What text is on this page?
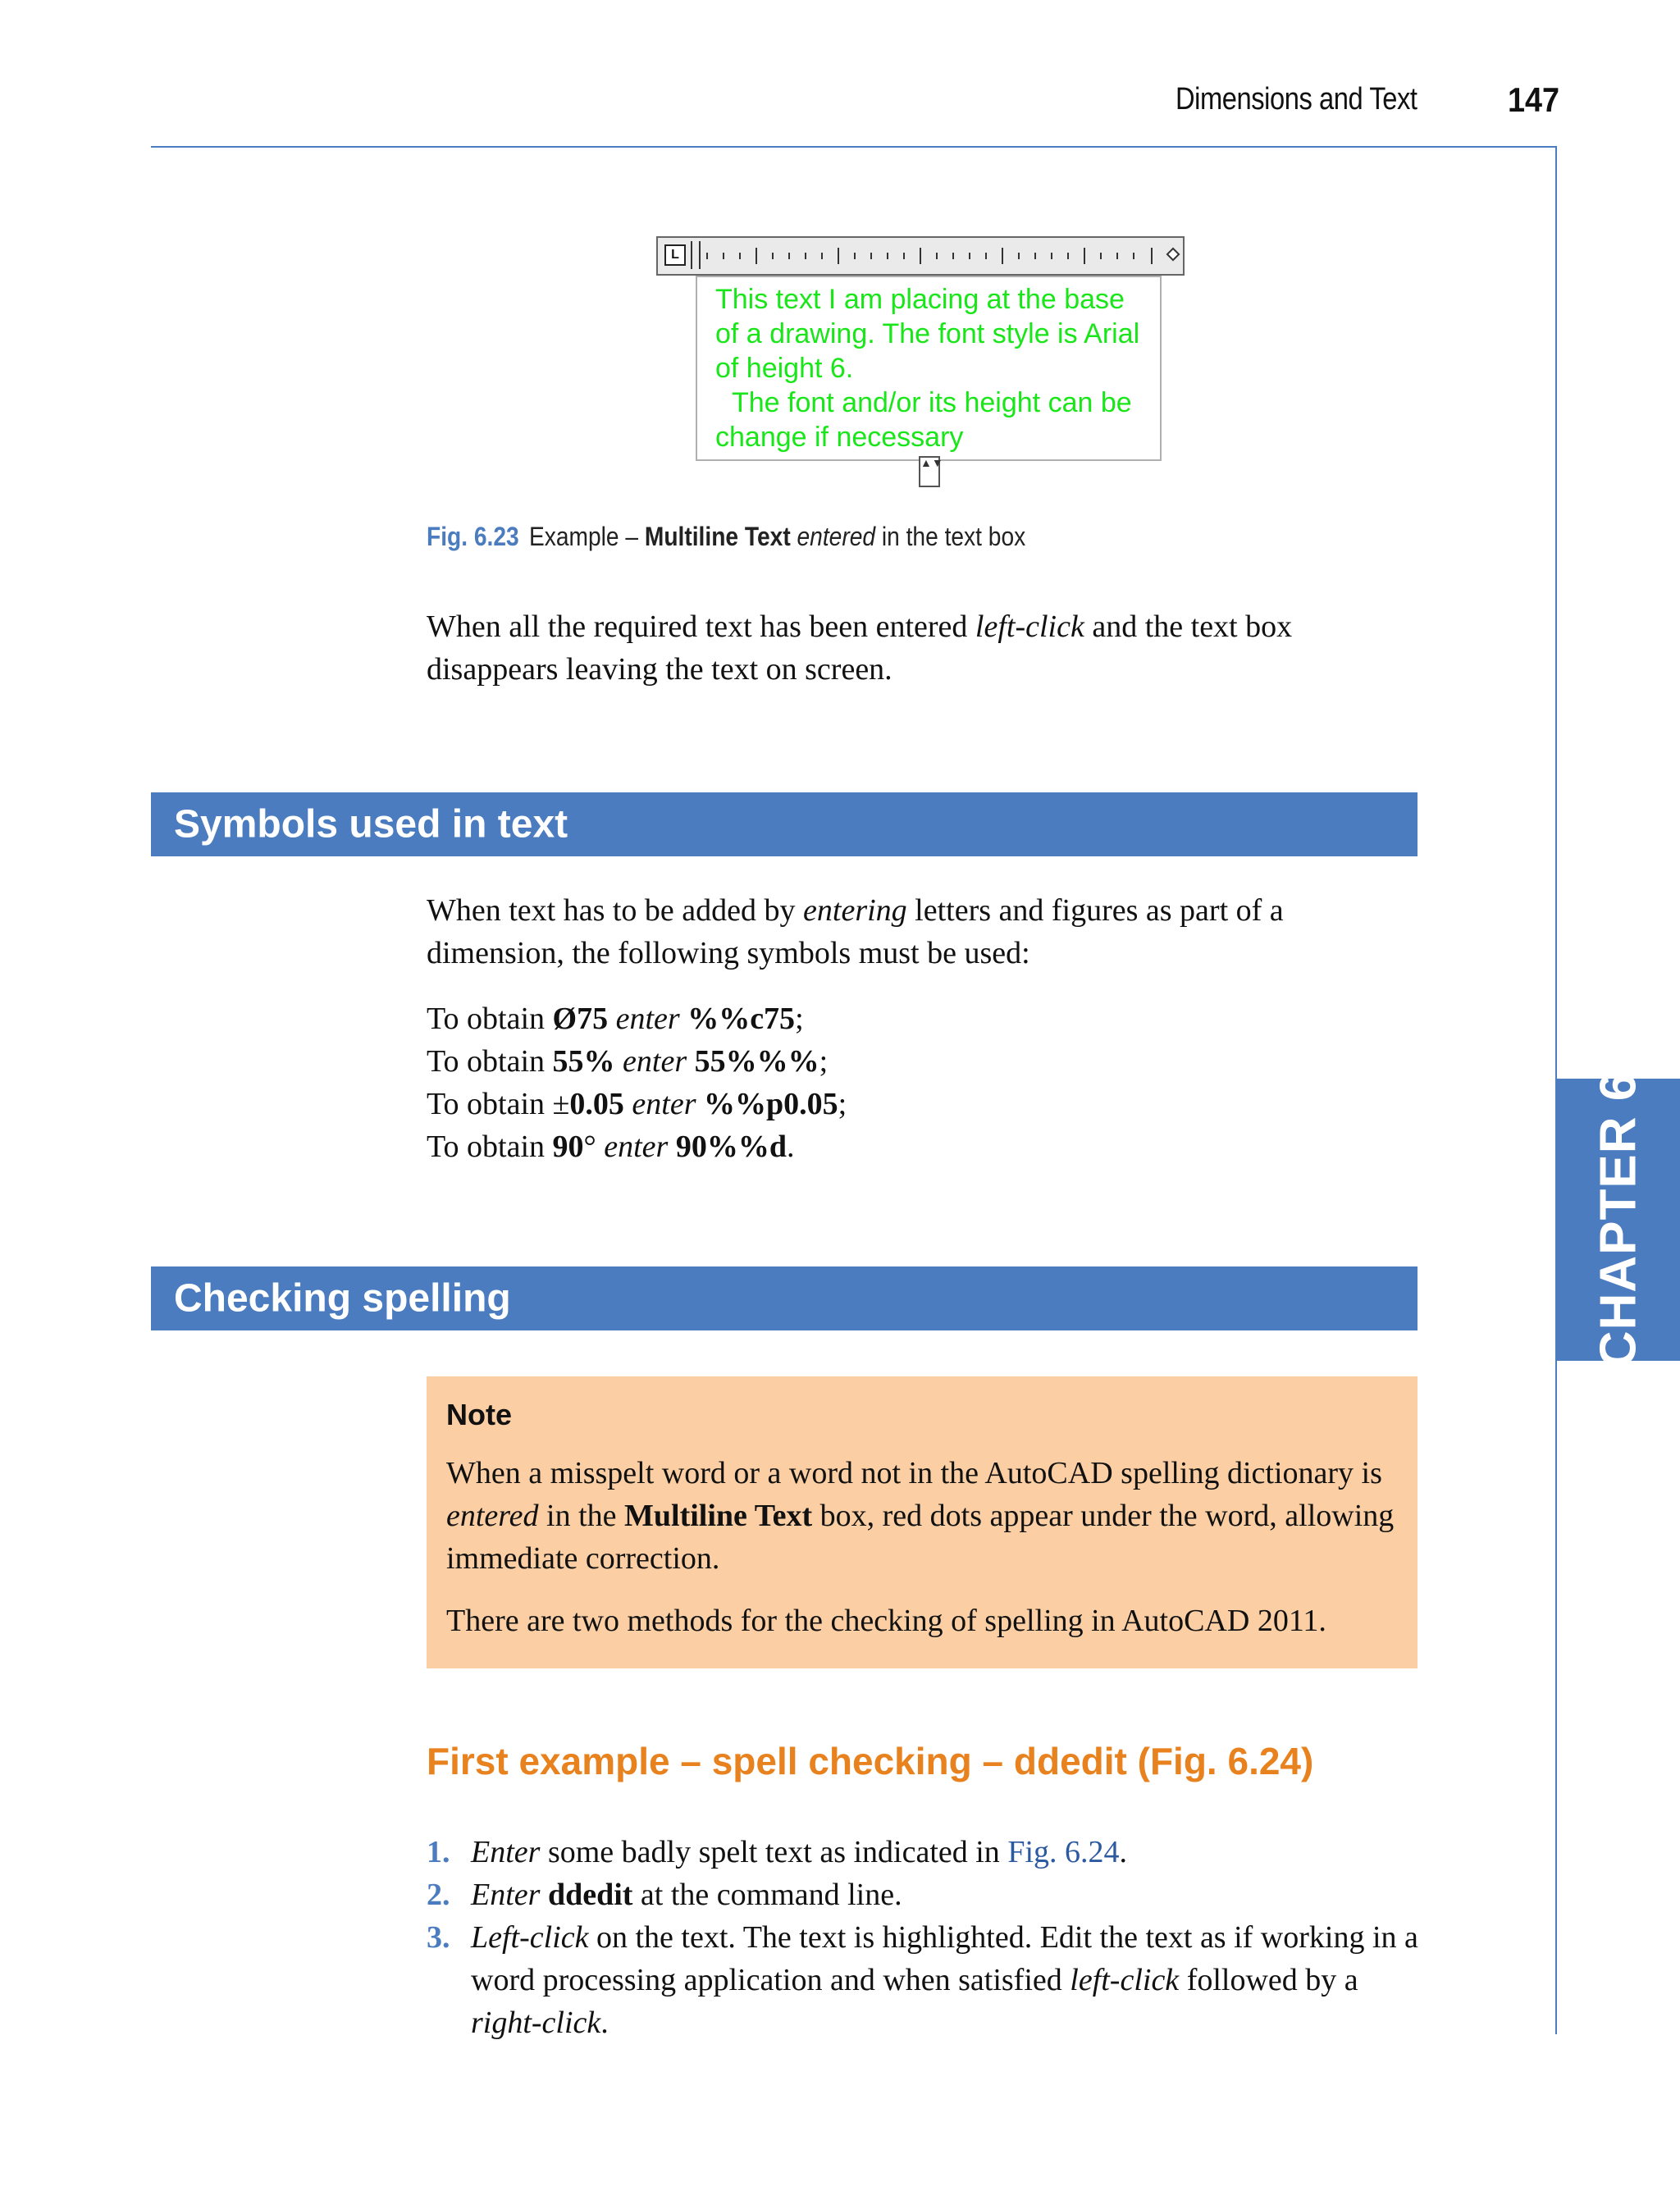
Dimensions and Text	147
CHAPTER 6
L

This text I am placing at the base

of a drawing. The font style is Arial

of height 6.

The font and/or its height can be

change if necessary

▲▼
Fig. 6.23 Example – Multiline Text entered in the text box

When all the required text has been entered left-click and the text box disappears leaving the text on screen.

Symbols used in text

When text has to be added by entering letters and figures as part of a dimension, the following symbols must be used:

To obtain Ø75 enter %%c75;
To obtain 55% enter 55%%%;
To obtain ±0.05 enter %%p0.05;
To obtain 90° enter 90%%d.
Checking spelling
Note

When a misspelt word or a word not in the AutoCAD spelling dictionary is entered in the Multiline Text box, red dots appear under the word, allowing immediate correction.

There are two methods for the checking of spelling in AutoCAD 2011.

First example – spell checking – ddedit (Fig. 6.24)
1. Enter some badly spelt text as indicated in Fig. 6.24.
2. Enter ddedit at the command line.
3. Left-click on the text. The text is highlighted. Edit the text as if working in a word processing application and when satisfied left-click followed by a right-click.
